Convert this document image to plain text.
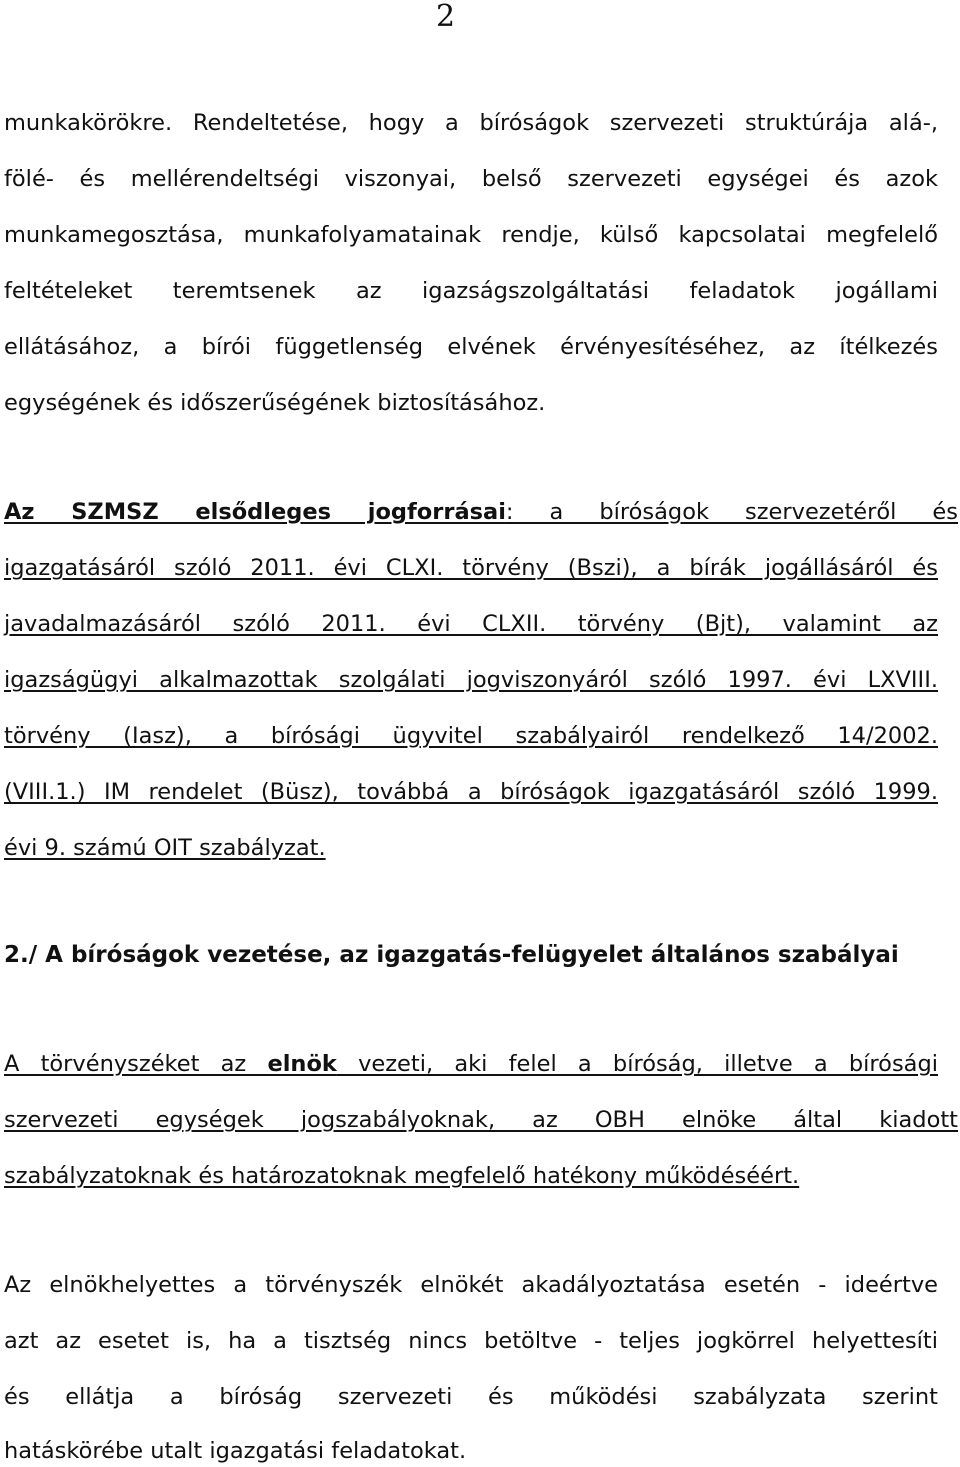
2
munkakörökre. Rendeltetése, hogy a bíróságok szervezeti struktúrája alá-,
fölé- és mellérendeltségi viszonyai, belső szervezeti egységei és azok
munkamegosztása, munkafolyamatainak rendje, külső kapcsolatai megfelelő
feltételeket teremtsenek az igazságszolgáltatási feladatok jogállami
ellátásához, a bírói függetlenség elvének érvényesítéséhez, az ítélkezés
egységének és időszerűségének biztosításához.
Az SZMSZ elsődleges jogforrásai: a bíróságok szervezetéről és
igazgatásáról szóló 2011. évi CLXI. törvény (Bszi), a bírák jogállásáról és
javadalmazásáról szóló 2011. évi CLXII. törvény (Bjt), valamint az
igazságügyi alkalmazottak szolgálati jogviszonyáról szóló 1997. évi LXVIII.
törvény (Iasz), a bírósági ügyvitel szabályairól rendelkező 14/2002.
(VIII.1.) IM rendelet (Büsz), továbbá a bíróságok igazgatásáról szóló 1999.
évi 9. számú OIT szabályzat.
2./ A bíróságok vezetése, az igazgatás-felügyelet általános szabályai
A törvényszéket az elnök vezeti, aki felel a bíróság, illetve a bírósági
szervezeti egységek jogszabályoknak, az OBH elnöke által kiadott
szabályzatoknak és határozatoknak megfelelő hatékony működéséért.
Az elnökhelyettes a törvényszék elnökét akadályoztatása esetén - ideértve
azt az esetet is, ha a tisztség nincs betöltve - teljes jogkörrel helyettesíti
és ellátja a bíróság szervezeti és működési szabályzata szerint
hatáskörébe utalt igazgatási feladatokat.
